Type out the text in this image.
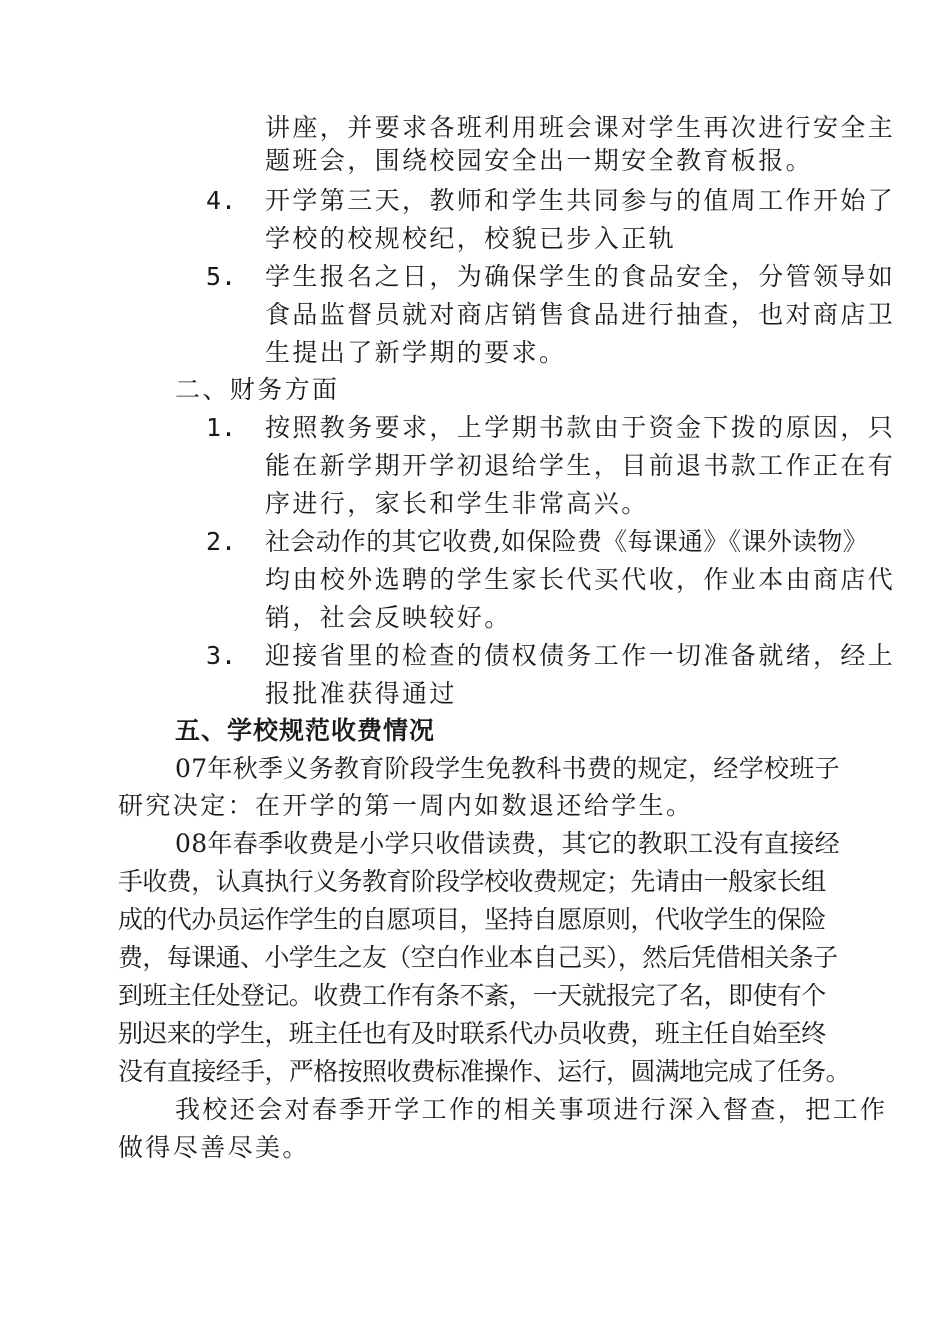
讲座，并要求各班利用班会课对学生再次进行安全主
题班会，围绕校园安全出一期安全教育板报。
4. 开学第三天，教师和学生共同参与的值周工作开始了
学校的校规校纪，校貌已步入正轨
5. 学生报名之日，为确保学生的食品安全，分管领导如
食品监督员就对商店销售食品进行抽查，也对商店卫
生提出了新学期的要求。
二、财务方面
1. 按照教务要求，上学期书款由于资金下拨的原因，只
能在新学期开学初退给学生，目前退书款工作正在有
序进行，家长和学生非常高兴。
2. 社会动作的其它收费,如保险费《每课通》《课外读物》
均由校外选聘的学生家长代买代收，作业本由商店代
销，社会反映较好。
3. 迎接省里的检查的债权债务工作一切准备就绪，经上
报批准获得通过
五、学校规范收费情况
07年秋季义务教育阶段学生免教科书费的规定，经学校班子
研究决定：在开学的第一周内如数退还给学生。
08年春季收费是小学只收借读费，其它的教职工没有直接经
手收费，认真执行义务教育阶段学校收费规定；先请由一般家长组
成的代办员运作学生的自愿项目，坚持自愿原则，代收学生的保险
费，每课通、小学生之友（空白作业本自己买），然后凭借相关条子
到班主任处登记。收费工作有条不紊，一天就报完了名，即使有个
别迟来的学生，班主任也有及时联系代办员收费，班主任自始至终
没有直接经手，严格按照收费标准操作、运行，圆满地完成了任务。
我校还会对春季开学工作的相关事项进行深入督查，把工作
做得尽善尽美。
